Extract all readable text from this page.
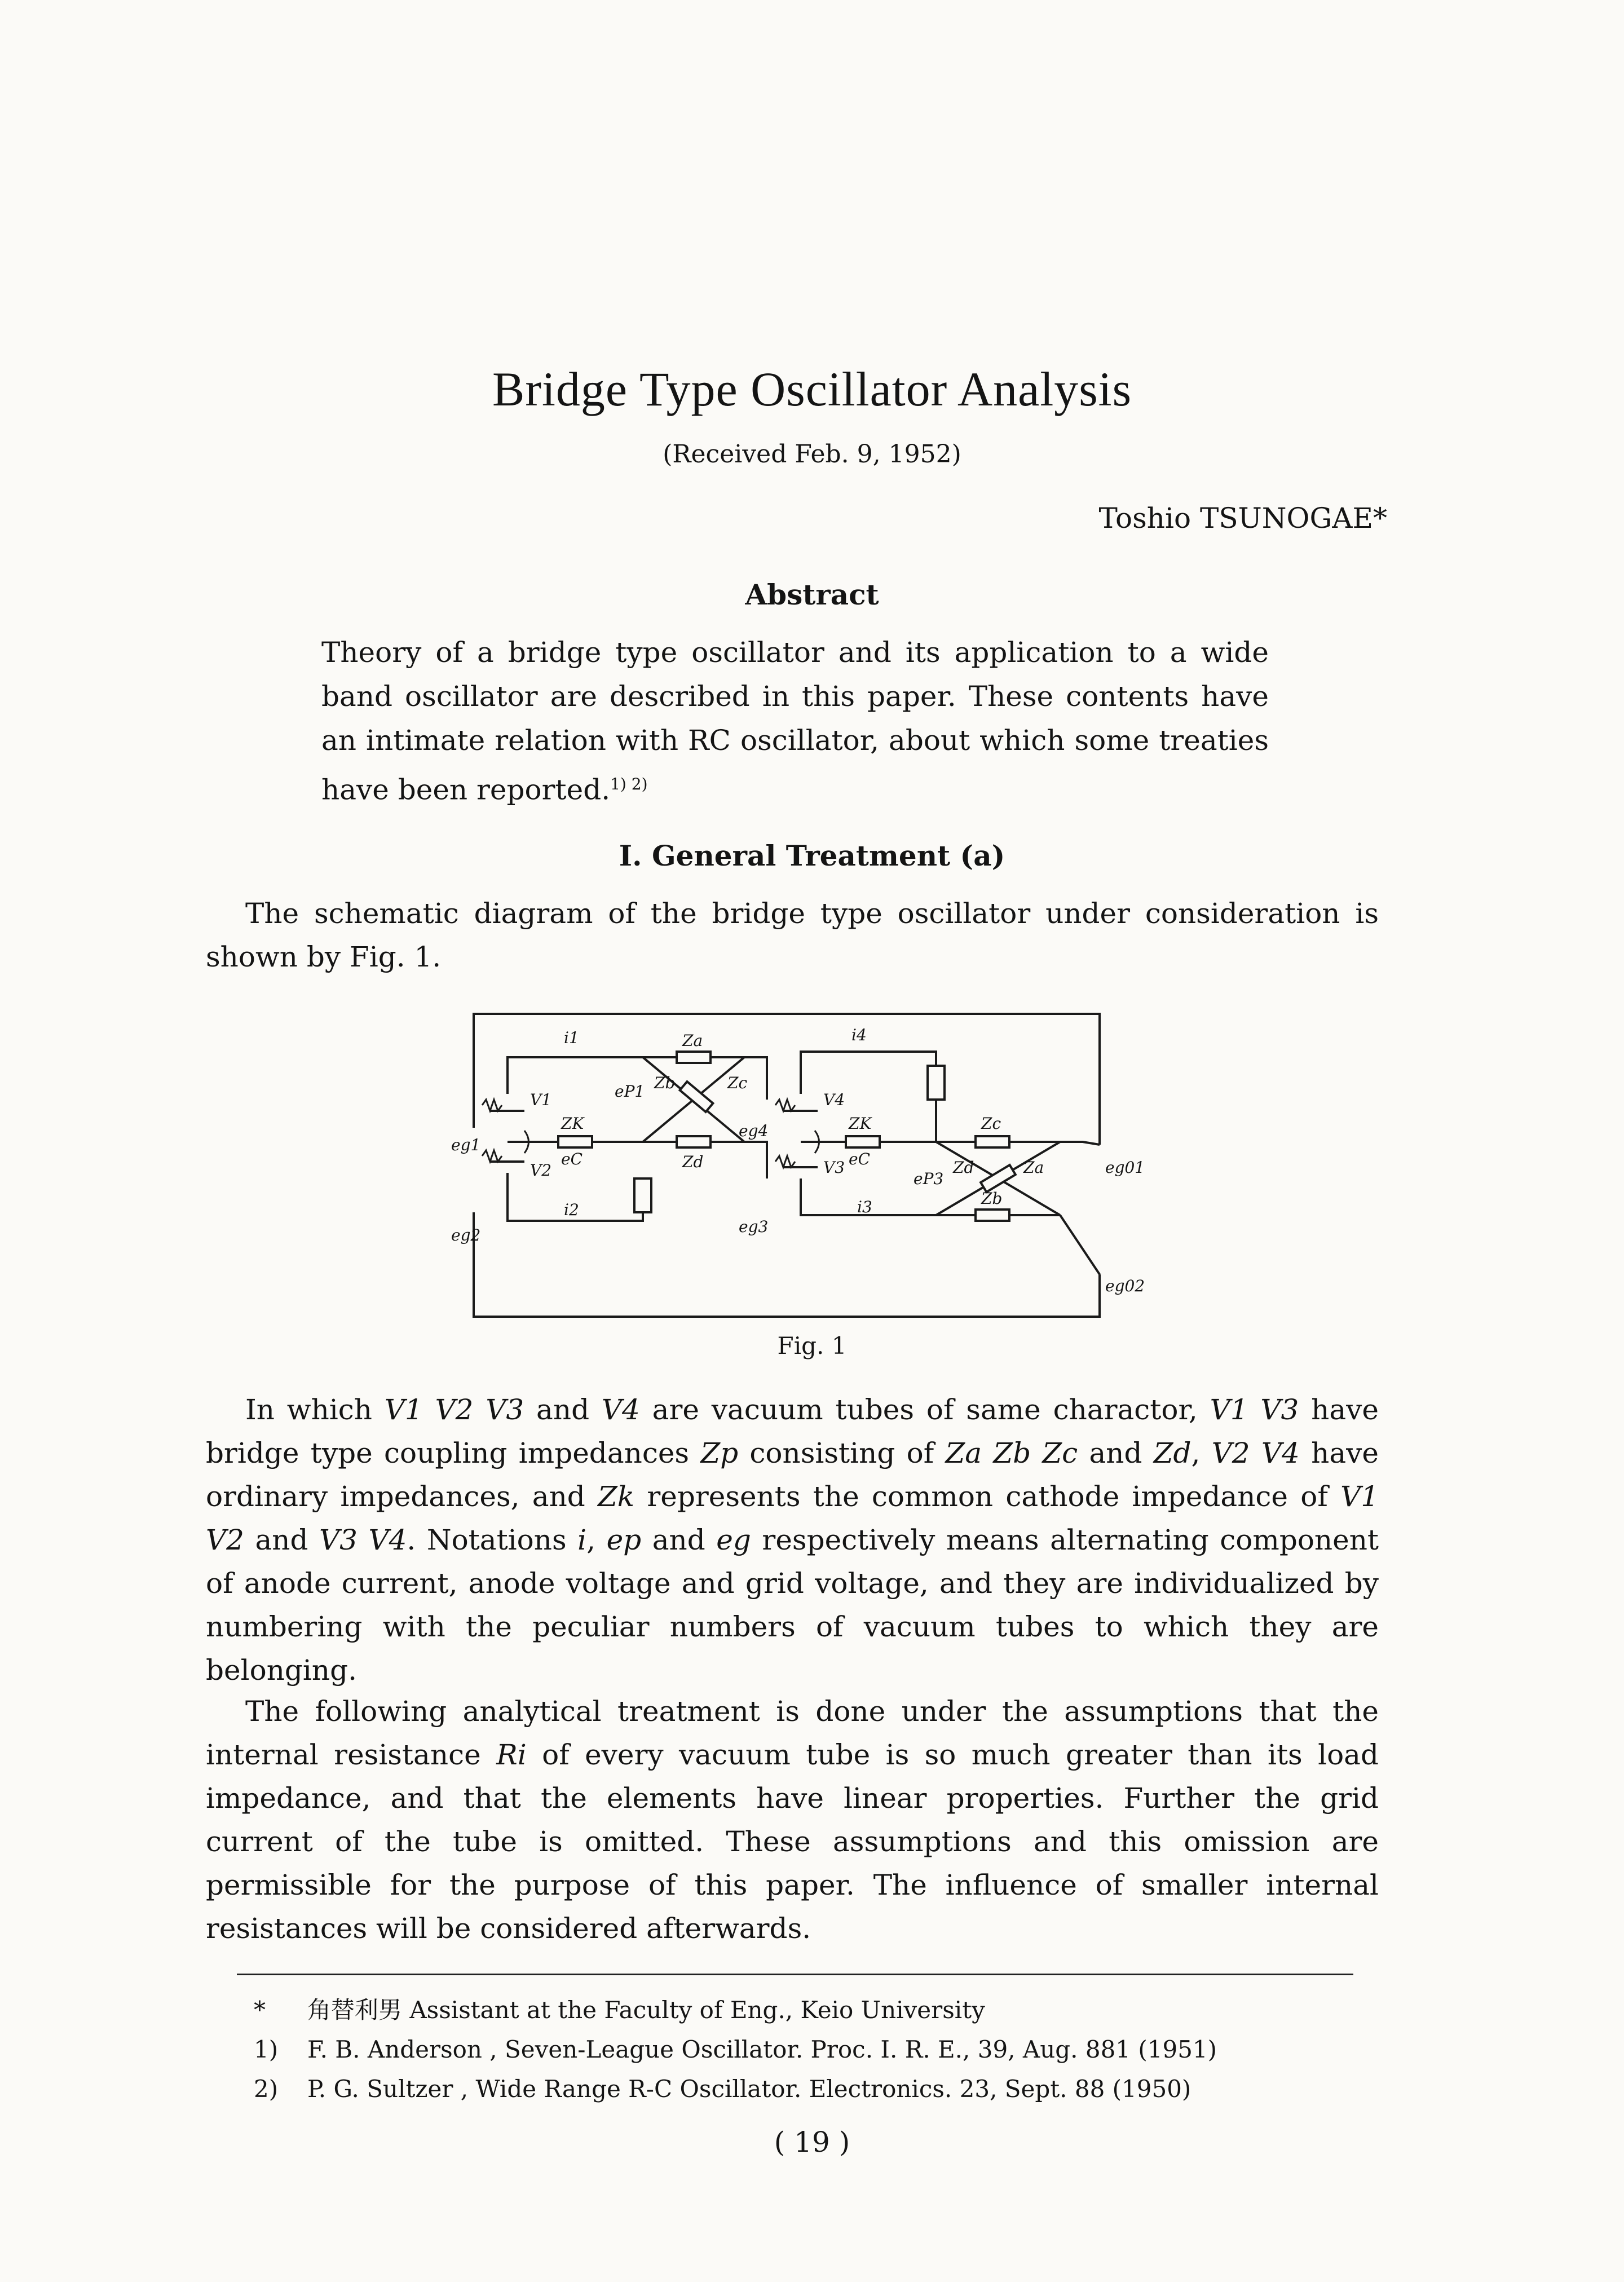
Bridge Type Oscillator Analysis
(Received Feb. 9, 1952)
Toshio TSUNOGAE*
Abstract
Theory of a bridge type oscillator and its application to a wide band oscillator are described in this paper. These contents have an intimate relation with RC oscillator, about which some treaties have been reported.$^{1) 2)}$
I. General Treatment (a)
The schematic diagram of the bridge type oscillator under consideration is shown by Fig. 1.
Za
Zb	Zc
Zd
ZK
eC
eP1
i1
i2
V1
V2
eg1
eg2
i4
i3
V4
V3
eg4
eg3
ZK
eC
Zc
Zd	Za
Zb
eP3
eg01
eg02
Fig. 1
In which V1 V2 V3 and V4 are vacuum tubes of same charactor, V1 V3 have bridge type coupling impedances Zp consisting of Za Zb Zc and Zd, V2 V4 have ordinary impedances, and Zk represents the common cathode impedance of V1 V2 and V3 V4. Notations i, ep and eg respectively means alternating component of anode current, anode voltage and grid voltage, and they are individualized by numbering with the peculiar numbers of vacuum tubes to which they are belonging.
The following analytical treatment is done under the assumptions that the internal resistance Ri of every vacuum tube is so much greater than its load impedance, and that the elements have linear properties. Further the grid current of the tube is omitted. These assumptions and this omission are permissible for the purpose of this paper. The influence of smaller internal resistances will be considered afterwards.
*	角替利男 Assistant at the Faculty of Eng., Keio University
1)	F. B. Anderson , Seven-League Oscillator. Proc. I. R. E., 39, Aug. 881 (1951)
2)	P. G. Sultzer , Wide Range R-C Oscillator. Electronics. 23, Sept. 88 (1950)
( 19 )
